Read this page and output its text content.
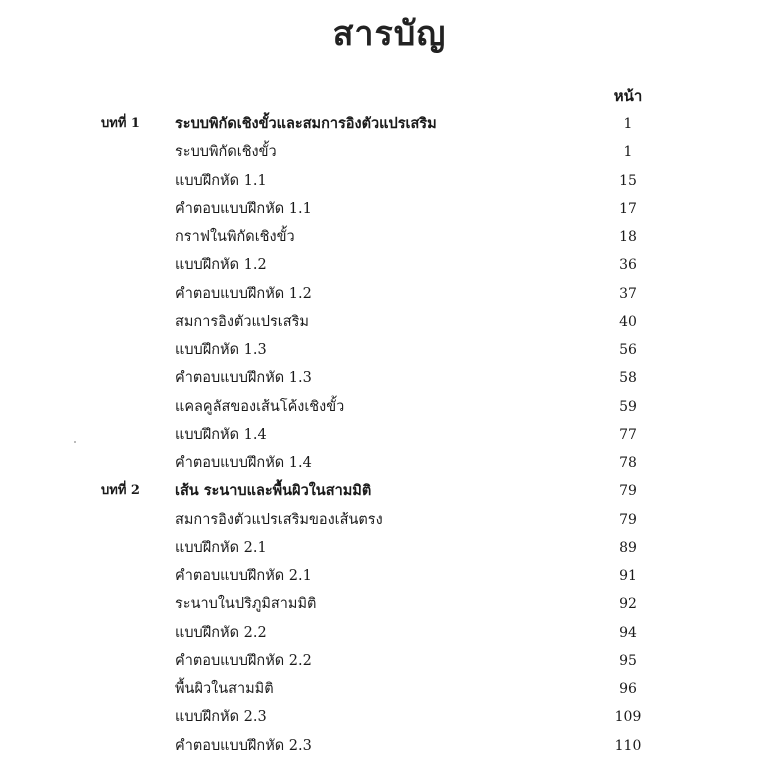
สารบัญ
หน้า
บทที่ 1 ระบบพิกัดเชิงขั้วและสมการอิงตัวแปรเสริม	1
ระบบพิกัดเชิงขั้ว	1
แบบฝึกหัด 1.1	15
คำตอบแบบฝึกหัด 1.1	17
กราฟในพิกัดเชิงขั้ว	18
แบบฝึกหัด 1.2	36
คำตอบแบบฝึกหัด 1.2	37
สมการอิงตัวแปรเสริม	40
แบบฝึกหัด 1.3	56
คำตอบแบบฝึกหัด 1.3	58
แคลคูลัสของเส้นโค้งเชิงขั้ว	59
แบบฝึกหัด 1.4	77
คำตอบแบบฝึกหัด 1.4	78
บทที่ 2 เส้น ระนาบและพื้นผิวในสามมิติ	79
สมการอิงตัวแปรเสริมของเส้นตรง	79
แบบฝึกหัด 2.1	89
คำตอบแบบฝึกหัด 2.1	91
ระนาบในปริภูมิสามมิติ	92
แบบฝึกหัด 2.2	94
คำตอบแบบฝึกหัด 2.2	95
พื้นผิวในสามมิติ	96
แบบฝึกหัด 2.3	109
คำตอบแบบฝึกหัด 2.3	110
